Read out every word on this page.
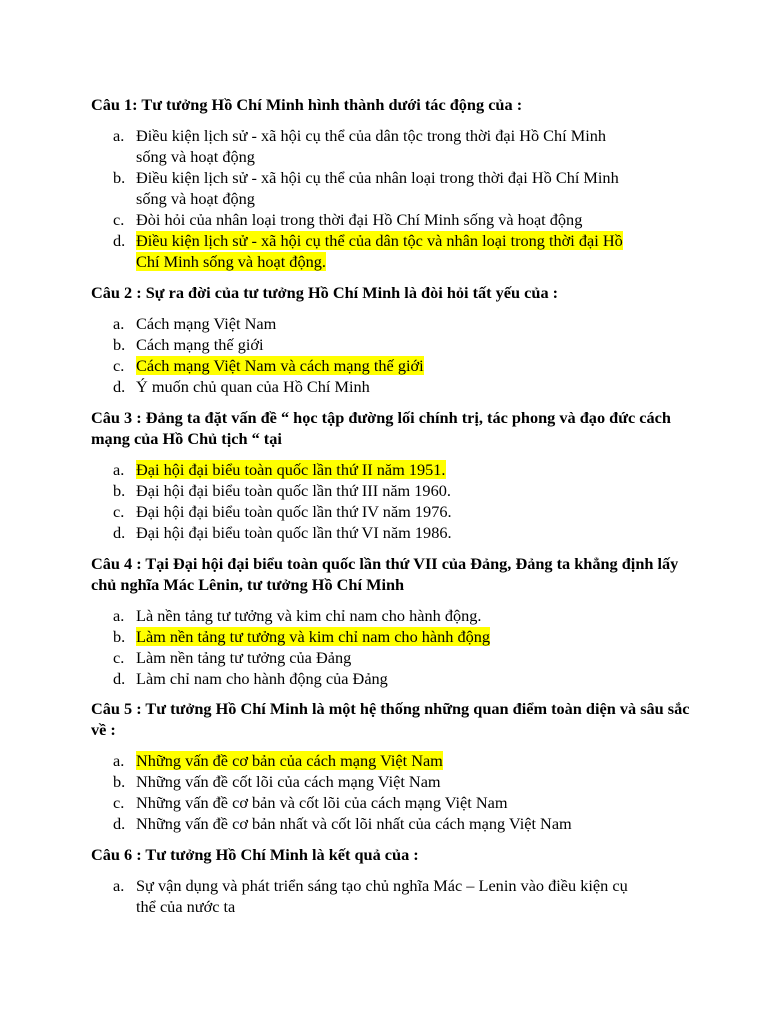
Câu 1: Tư tưởng Hồ Chí Minh hình thành dưới tác động của :

a. Điều kiện lịch sử - xã hội cụ thể của dân tộc trong thời đại Hồ Chí Minh
sống và hoạt động
b. Điều kiện lịch sử - xã hội cụ thể của nhân loại trong thời đại Hồ Chí Minh
sống và hoạt động
c. Đòi hỏi của nhân loại trong thời đại Hồ Chí Minh sống và hoạt động
d. Điều kiện lịch sử - xã hội cụ thể của dân tộc và nhân loại trong thời đại Hồ
Chí Minh sống và hoạt động.

Câu 2 : Sự ra đời của tư tưởng Hồ Chí Minh là đòi hỏi tất yếu của :

a. Cách mạng Việt Nam
b. Cách mạng thế giới
c. Cách mạng Việt Nam và cách mạng thế giới
d. Ý muốn chủ quan của Hồ Chí Minh

Câu 3 : Đảng ta đặt vấn đề “ học tập đường lối chính trị, tác phong và đạo đức cách mạng của Hồ Chủ tịch “ tại

a. Đại hội đại biểu toàn quốc lần thứ II năm 1951.
b. Đại hội đại biểu toàn quốc lần thứ III năm 1960.
c. Đại hội đại biểu toàn quốc lần thứ IV năm 1976.
d. Đại hội đại biểu toàn quốc lần thứ VI năm 1986.

Câu 4 : Tại Đại hội đại biểu toàn quốc lần thứ VII của Đảng, Đảng ta khẳng định lấy chủ nghĩa Mác Lênin, tư tưởng Hồ Chí Minh

a. Là nền tảng tư tưởng và kim chỉ nam cho hành động.
b. Làm nền tảng tư tưởng và kim chỉ nam cho hành động
c. Làm nền tảng tư tưởng của Đảng
d. Làm chỉ nam cho hành động của Đảng

Câu 5 : Tư tưởng Hồ Chí Minh là một hệ thống những quan điểm toàn diện và sâu sắc về :

a. Những vấn đề cơ bản của cách mạng Việt Nam
b. Những vấn đề cốt lõi của cách mạng Việt Nam
c. Những vấn đề cơ bản và cốt lõi của cách mạng Việt Nam
d. Những vấn đề cơ bản nhất và cốt lõi nhất của cách mạng Việt Nam

Câu 6 : Tư tưởng Hồ Chí Minh là kết quả của :

a. Sự vận dụng và phát triển sáng tạo chủ nghĩa Mác – Lenin vào điều kiện cụ
thể của nước ta
